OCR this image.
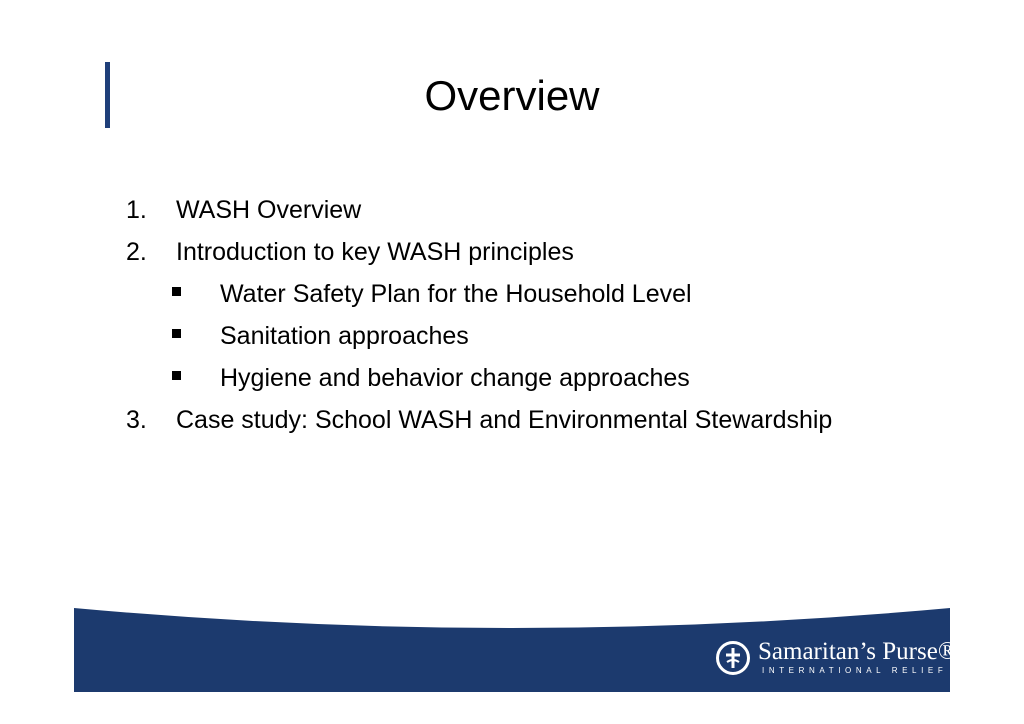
Overview
1. WASH Overview
2. Introduction to key WASH principles
Water Safety Plan for the Household Level
Sanitation approaches
Hygiene and behavior change approaches
3. Case study: School WASH and Environmental Stewardship
Samaritan’s Purse®
INTERNATIONAL RELIEF
